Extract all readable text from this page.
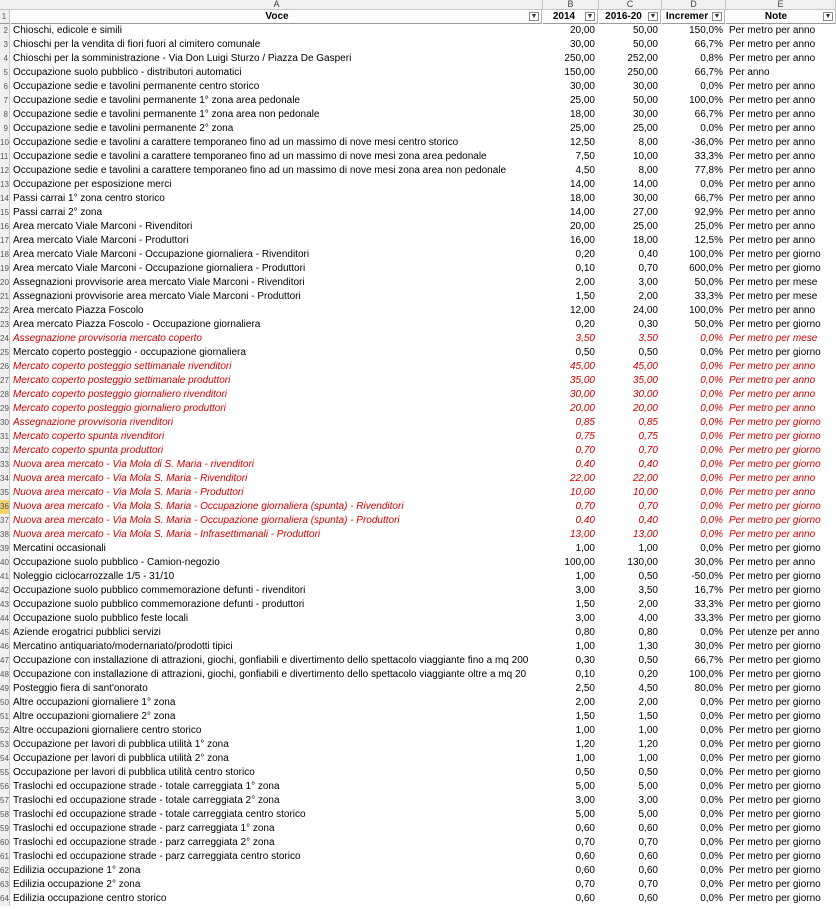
A	B	C	D	E
1	Voce	▼	2014 ▼	2016-20 ▼ Incremer ▼	Note	▼
2 Chioschi, edicole e simili	20,00	50,00	150,0% Per metro per anno
3 Chioschi per la vendita di fiori fuori al cimitero comunale	30,00	50,00	66,7% Per metro per anno
4 Chioschi per la somministrazione - Via Don Luigi Sturzo / Piazza De Gasperi	250,00	252,00	0,8% Per metro per anno
5 Occupazione suolo pubblico - distributori automatici	150,00	250,00	66,7% Per anno
6 Occupazione sedie e tavolini permanente centro storico	30,00	30,00	0,0% Per metro per anno
7 Occupazione sedie e tavolini permanente 1° zona area pedonale	25,00	50,00	100,0% Per metro per anno
8 Occupazione sedie e tavolini permanente 1° zona area non pedonale	18,00	30,00	66,7% Per metro per anno
9 Occupazione sedie e tavolini permanente 2° zona	25,00	25,00	0,0% Per metro per anno
10 Occupazione sedie e tavolini a carattere temporaneo fino ad un massimo di nove mesi centro storico	12,50	8,00	-36,0% Per metro per anno
11 Occupazione sedie e tavolini a carattere temporaneo fino ad un massimo di nove mesi zona area pedonale	7,50	10,00	33,3% Per metro per anno
12 Occupazione sedie e tavolini a carattere temporaneo fino ad un massimo di nove mesi zona area non pedonale	4,50	8,00	77,8% Per metro per anno
13 Occupazione per esposizione merci	14,00	14,00	0,0% Per metro per anno
14 Passi carrai 1° zona centro storico	18,00	30,00	66,7% Per metro per anno
15 Passi carrai 2° zona	14,00	27,00	92,9% Per metro per anno
16 Area mercato Viale Marconi - Rivenditori	20,00	25,00	25,0% Per metro per anno
17 Area mercato Viale Marconi - Produttori	16,00	18,00	12,5% Per metro per anno
18 Area mercato Viale Marconi - Occupazione giornaliera - Rivenditori	0,20	0,40	100,0% Per metro per giorno
19 Area mercato Viale Marconi - Occupazione giornaliera - Produttori	0,10	0,70	600,0% Per metro per giorno
20 Assegnazioni provvisorie area mercato Viale Marconi - Rivenditori	2,00	3,00	50,0% Per metro per mese
21 Assegnazioni provvisorie area mercato Viale Marconi - Produttori	1,50	2,00	33,3% Per metro per mese
22 Area mercato Piazza Foscolo	12,00	24,00	100,0% Per metro per anno
23 Area mercato Piazza Foscolo - Occupazione giornaliera	0,20	0,30	50,0% Per metro per giorno
24 Assegnazione provvisoria mercato coperto	3,50	3,50	0,0% Per metro per mese
25 Mercato coperto posteggio - occupazione giornaliera	0,50	0,50	0,0% Per metro per giorno
26 Mercato coperto posteggio settimanale rivenditori	45,00	45,00	0,0% Per metro per anno
27 Mercato coperto posteggio settimanale produttori	35,00	35,00	0,0% Per metro per anno
28 Mercato coperto posteggio giornaliero rivenditori	30,00	30,00	0,0% Per metro per anno
29 Mercato coperto posteggio giornaliero produttori	20,00	20,00	0,0% Per metro per anno
30 Assegnazione provvisoria rivenditori	0,85	0,85	0,0% Per metro per giorno
31 Mercato coperto spunta rivenditori	0,75	0,75	0,0% Per metro per giorno
32 Mercato coperto spunta produttori	0,70	0,70	0,0% Per metro per giorno
33 Nuova area mercato - Via Mola di S. Maria - rivenditori	0,40	0,40	0,0% Per metro per giorno
34 Nuova area mercato - Via Mola S. Maria - Rivenditori	22,00	22,00	0,0% Per metro per anno
35 Nuova area mercato - Via Mola S. Maria - Produttori	10,00	10,00	0,0% Per metro per anno
36 Nuova area mercato - Via Mola S. Maria - Occupazione giornaliera (spunta) - Rivenditori	0,70	0,70	0,0% Per metro per giorno
37 Nuova area mercato - Via Mola S. Maria - Occupazione giornaliera (spunta) - Produttori	0,40	0,40	0,0% Per metro per giorno
38 Nuova area mercato - Via Mola S. Maria - Infrasettimanali - Produttori	13,00	13,00	0,0% Per metro per anno
39 Mercatini occasionali	1,00	1,00	0,0% Per metro per giorno
40 Occupazione suolo pubblico - Camion-negozio	100,00	130,00	30,0% Per metro per anno
41 Noleggio ciclocarrozzalle 1/5 - 31/10	1,00	0,50	-50,0% Per metro per giorno
42 Occupazione suolo pubblico commemorazione defunti - rivenditori	3,00	3,50	16,7% Per metro per giorno
43 Occupazione suolo pubblico commemorazione defunti - produttori	1,50	2,00	33,3% Per metro per giorno
44 Occupazione suolo pubblico feste locali	3,00	4,00	33,3% Per metro per giorno
45 Aziende erogatrici pubblici servizi	0,80	0,80	0,0% Per utenze per anno
46 Mercatino antiquariato/modernariato/prodotti tipici	1,00	1,30	30,0% Per metro per giorno
47 Occupazione con installazione di attrazioni, giochi, gonfiabili e divertimento dello spettacolo viaggiante fino a mq 200	0,30	0,50	66,7% Per metro per giorno
48 Occupazione con installazione di attrazioni, giochi, gonfiabili e divertimento dello spettacolo viaggiante oltre a mq 20	0,10	0,20	100,0% Per metro per giorno
49 Posteggio fiera di sant'onorato	2,50	4,50	80,0% Per metro per giorno
50 Altre occupazioni giornaliere 1° zona	2,00	2,00	0,0% Per metro per giorno
51 Altre occupazioni giornaliere 2° zona	1,50	1,50	0,0% Per metro per giorno
52 Altre occupazioni giornaliere centro storico	1,00	1,00	0,0% Per metro per giorno
53 Occupazione per lavori di pubblica utilità 1° zona	1,20	1,20	0,0% Per metro per giorno
54 Occupazione per lavori di pubblica utilità 2° zona	1,00	1,00	0,0% Per metro per giorno
55 Occupazione per lavori di pubblica utilità centro storico	0,50	0,50	0,0% Per metro per giorno
56 Traslochi ed occupazione strade - totale carreggiata 1° zona	5,00	5,00	0,0% Per metro per giorno
57 Traslochi ed occupazione strade - totale carreggiata 2° zona	3,00	3,00	0,0% Per metro per giorno
58 Traslochi ed occupazione strade - totale carreggiata centro storico	5,00	5,00	0,0% Per metro per giorno
59 Traslochi ed occupazione strade - parz carreggiata 1° zona	0,60	0,60	0,0% Per metro per giorno
60 Traslochi ed occupazione strade - parz carreggiata 2° zona	0,70	0,70	0,0% Per metro per giorno
61 Traslochi ed occupazione strade - parz carreggiata centro storico	0,60	0,60	0,0% Per metro per giorno
62 Edilizia occupazione 1° zona	0,60	0,60	0,0% Per metro per giorno
63 Edilizia occupazione 2° zona	0,70	0,70	0,0% Per metro per giorno
64 Edilizia occupazione centro storico	0,60	0,60	0,0% Per metro per giorno
